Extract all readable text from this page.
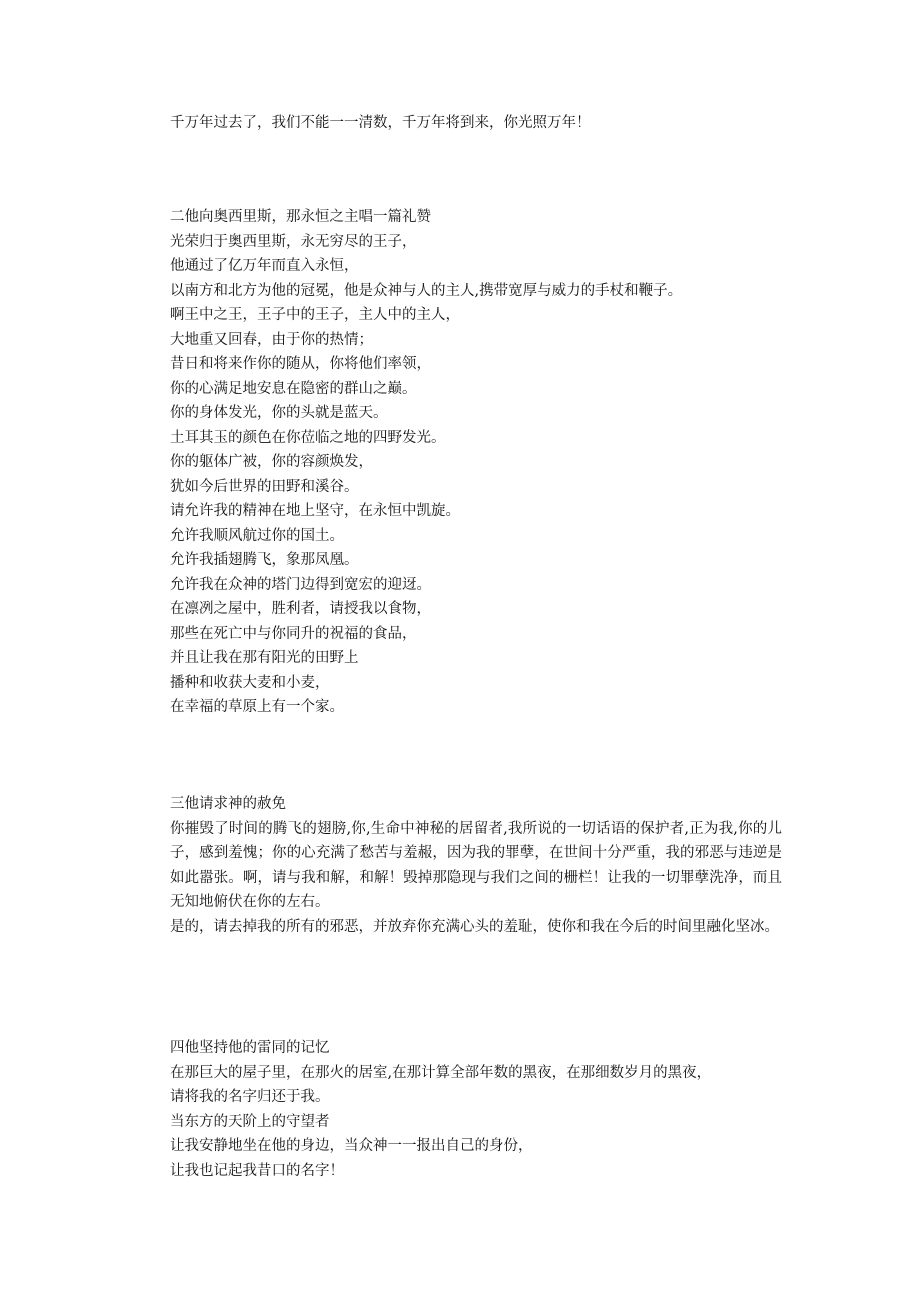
千万年过去了，我们不能一一清数，千万年将到来，你光照万年！

二他向奥西里斯，那永恒之主唱一篇礼赞

光荣归于奥西里斯，永无穷尽的王子，

他通过了亿万年而直入永恒，

以南方和北方为他的冠冕，他是众神与人的主人,携带宽厚与威力的手杖和鞭子。

啊王中之王，王子中的王子，主人中的主人，

大地重又回春，由于你的热情；

昔日和将来作你的随从，你将他们率领，

你的心满足地安息在隐密的群山之巅。

你的身体发光，你的头就是蓝天。

土耳其玉的颜色在你莅临之地的四野发光。

你的躯体广被，你的容颜焕发，

犹如今后世界的田野和溪谷。

请允许我的精神在地上坚守，在永恒中凯旋。

允许我顺风航过你的国土。

允许我插翅腾飞，象那凤凰。

允许我在众神的塔门边得到宽宏的迎迓。

在凛冽之屋中，胜利者，请授我以食物，

那些在死亡中与你同升的祝福的食品，

并且让我在那有阳光的田野上

播种和收获大麦和小麦，

在幸福的草原上有一个家。

三他请求神的赦免

你摧毁了时间的腾飞的翅膀,你,生命中神秘的居留者,我所说的一切话语的保护者,正为我,你的儿子，感到羞愧；你的心充满了愁苦与羞赧，因为我的罪孽，在世间十分严重，我的邪恶与违逆是如此嚣张。啊，请与我和解，和解！毁掉那隐现与我们之间的栅栏！让我的一切罪孽洗净，而且无知地俯伏在你的左右。

是的，请去掉我的所有的邪恶，并放弃你充满心头的羞耻，使你和我在今后的时间里融化坚冰。

四他坚持他的雷同的记忆

在那巨大的屋子里，在那火的居室,在那计算全部年数的黑夜，在那细数岁月的黑夜，

请将我的名字归还于我。

当东方的天阶上的守望者

让我安静地坐在他的身边，当众神一一报出自己的身份，

让我也记起我昔口的名字！
